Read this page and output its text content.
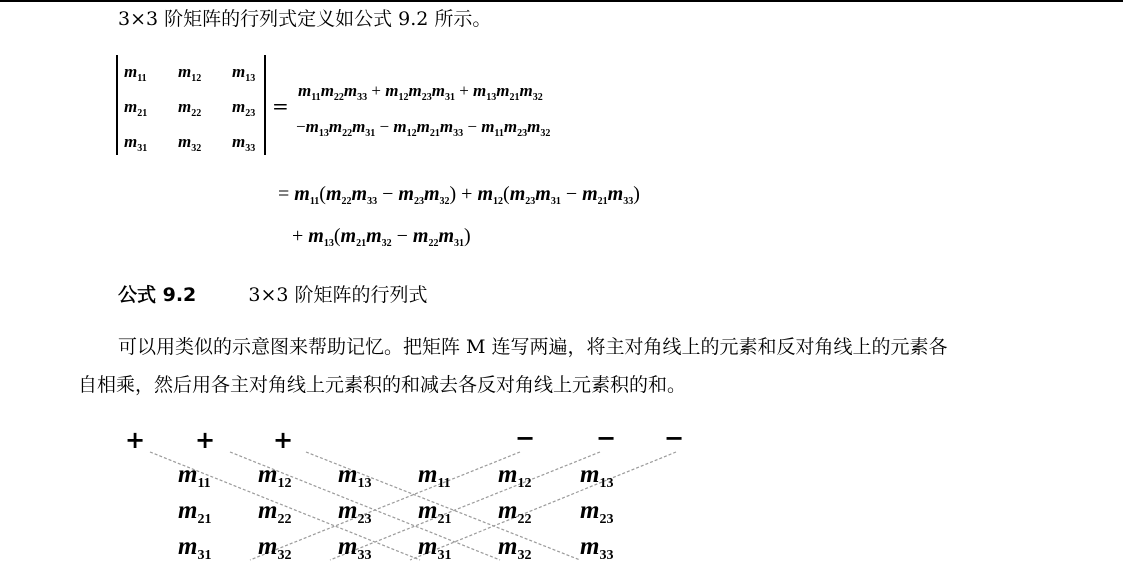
3×3 阶矩阵的行列式定义如公式 9.2 所示。
$m_{11}$ $m_{12}$ $m_{13}$
$m_{21}$ $m_{22}$ $m_{23}$
$m_{31}$ $m_{32}$ $m_{33}$
=
$m_{11}m_{22}m_{33} + m_{12}m_{23}m_{31} + m_{13}m_{21}m_{32}$
$-m_{13}m_{22}m_{31} - m_{12}m_{21}m_{33} - m_{11}m_{23}m_{32}$
= $m_{11}(m_{22}m_{33} - m_{23}m_{32}) + m_{12}(m_{23}m_{31} - m_{21}m_{33})$
+ $m_{13}(m_{21}m_{32} - m_{22}m_{31})$
公式 9.2	3×3 阶矩阵的行列式
可以用类似的示意图来帮助记忆。把矩阵 M 连写两遍，将主对角线上的元素和反对角线上的元素各
自相乘，然后用各主对角线上元素积的和减去各反对角线上元素积的和。
+ + +	−	− −
$m_{11}$ $m_{12}$ $m_{13}$ $m_{11}$ $m_{12}$ $m_{13}$
$m_{21}$ $m_{22}$ $m_{23}$ $m_{21}$ $m_{22}$ $m_{23}$
$m_{31}$ $m_{32}$ $m_{33}$ $m_{31}$ $m_{32}$ $m_{33}$
